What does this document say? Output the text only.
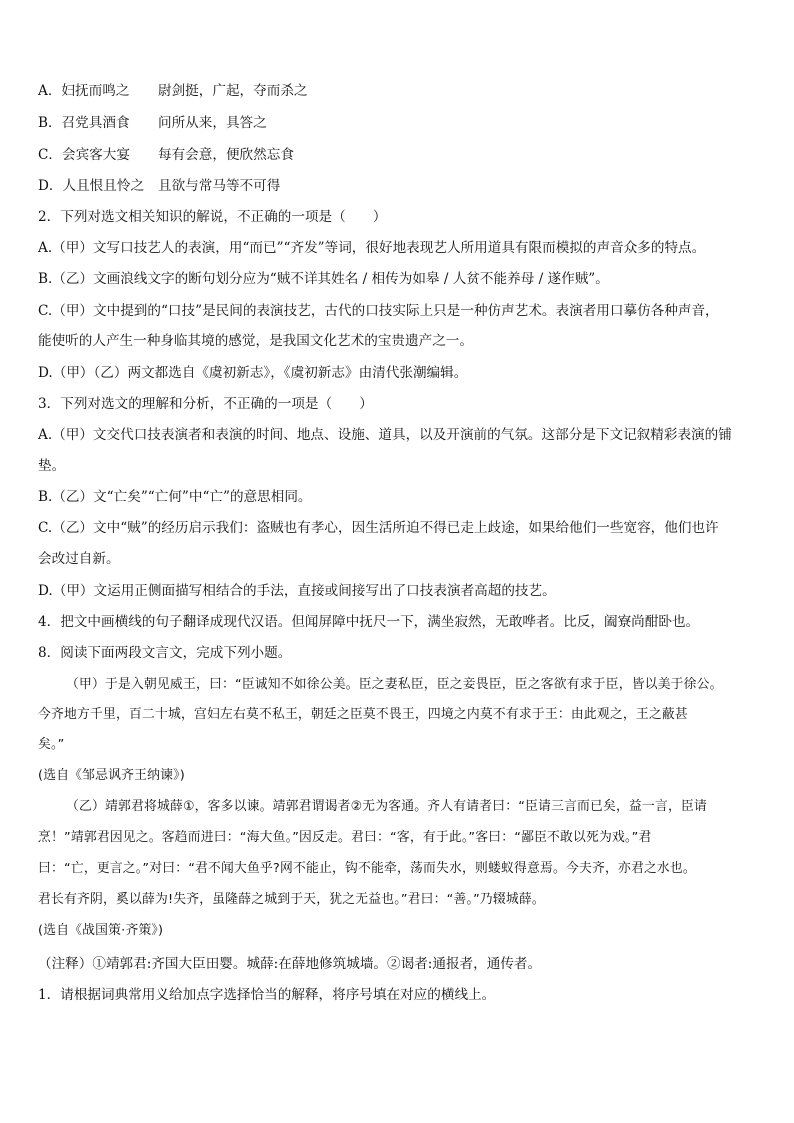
A．妇抚而鸣之 尉剑挺，广起，夺而杀之
B．召党具酒食 问所从来，具答之
C．会宾客大宴 每有会意，便欣然忘食
D．人且恨且怜之 且欲与常马等不可得
2．下列对选文相关知识的解说，不正确的一项是（　　）
A.（甲）文写口技艺人的表演，用“而已”“齐发”等词，很好地表现艺人所用道具有限而模拟的声音众多的特点。
B.（乙）文画浪线文字的断句划分应为“贼不详其姓名 / 相传为如皋 / 人贫不能养母 / 遂作贼”。
C.（甲）文中提到的“口技”是民间的表演技艺，古代的口技实际上只是一种仿声艺术。表演者用口摹仿各种声音，
能使听的人产生一种身临其境的感觉，是我国文化艺术的宝贵遗产之一。
D.（甲）（乙）两文都选自《虞初新志》，《虞初新志》由清代张潮编辑。
3．下列对选文的理解和分析，不正确的一项是（　　）
A.（甲）文交代口技表演者和表演的时间、地点、设施、道具，以及开演前的气氛。这部分是下文记叙精彩表演的铺
垫。
B.（乙）文“亡矣”“亡何”中“亡”的意思相同。
C.（乙）文中“贼”的经历启示我们：盗贼也有孝心，因生活所迫不得已走上歧途，如果给他们一些宽容，他们也许
会改过自新。
D.（甲）文运用正侧面描写相结合的手法，直接或间接写出了口技表演者高超的技艺。
4．把文中画横线的句子翻译成现代汉语。但闻屏障中抚尺一下，满坐寂然，无敢哗者。比反，阖寮尚酣卧也。
8．阅读下面两段文言文，完成下列小题。
（甲）于是入朝见威王，曰：“臣诚知不如徐公美。臣之妻私臣，臣之妾畏臣，臣之客欲有求于臣，皆以美于徐公。
今齐地方千里，百二十城，宫妇左右莫不私王，朝廷之臣莫不畏王，四境之内莫不有求于王：由此观之，王之蔽甚
矣。”
(选自《邹忌讽齐王纳谏》)
（乙）靖郭君将城薛①，客多以谏。靖郭君谓谒者②无为客通。齐人有请者曰：“臣请三言而已矣，益一言，臣请
烹！”靖郭君因见之。客趋而进曰：“海大鱼。”因反走。君曰：“客，有于此。”客曰：“鄙臣不敢以死为戏。”君
曰：“亡，更言之。”对曰：“君不闻大鱼乎?网不能止，钩不能牵，荡而失水，则蝼蚁得意焉。今夫齐，亦君之水也。
君长有齐阴，奚以薛为!失齐，虽隆薛之城到于天，犹之无益也。”君曰：“善。”乃辍城薛。
(选自《战国策·齐策》)
（注释）①靖郭君:齐国大臣田婴。城薛:在薛地修筑城墙。②谒者:通报者，通传者。
1．请根据词典常用义给加点字选择恰当的解释，将序号填在对应的横线上。
